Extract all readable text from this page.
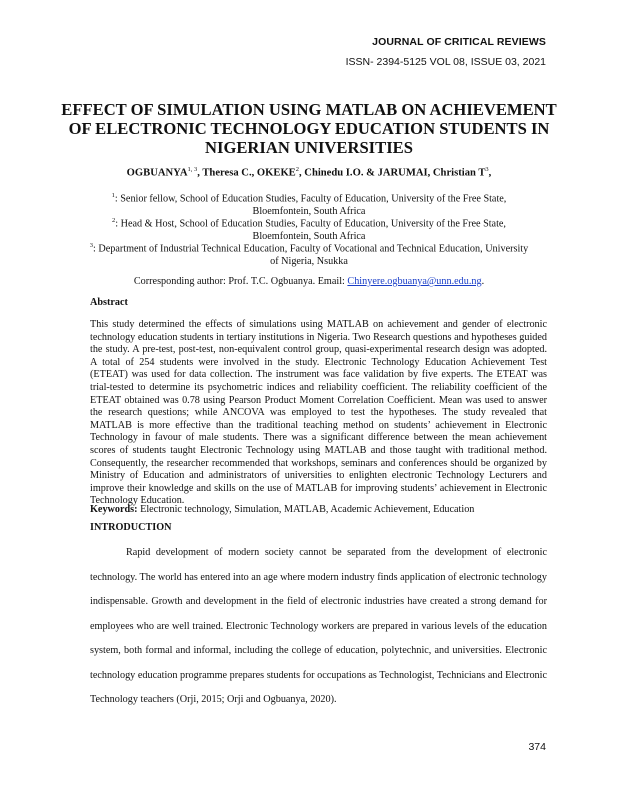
JOURNAL OF CRITICAL REVIEWS
ISSN- 2394-5125 VOL 08, ISSUE 03, 2021
EFFECT OF SIMULATION USING MATLAB ON ACHIEVEMENT OF ELECTRONIC TECHNOLOGY EDUCATION STUDENTS IN NIGERIAN UNIVERSITIES
OGBUANYA$^{1, 3}$, Theresa C., OKEKE$^2$, Chinedu I.O. & JARUMAI, Christian $T^3$,
$^1$: Senior fellow, School of Education Studies, Faculty of Education, University of the Free State, Bloemfontein, South Africa
$^2$: Head & Host, School of Education Studies, Faculty of Education, University of the Free State, Bloemfontein, South Africa
$^3$: Department of Industrial Technical Education, Faculty of Vocational and Technical Education, University of Nigeria, Nsukka
Corresponding author: Prof. T.C. Ogbuanya. Email: Chinyere.ogbuanya@unn.edu.ng.
Abstract
This study determined the effects of simulations using MATLAB on achievement and gender of electronic technology education students in tertiary institutions in Nigeria. Two Research questions and hypotheses guided the study. A pre-test, post-test, non-equivalent control group, quasi-experimental research design was adopted. A total of 254 students were involved in the study. Electronic Technology Education Achievement Test (ETEAT) was used for data collection. The instrument was face validation by five experts. The ETEAT was trial-tested to determine its psychometric indices and reliability coefficient. The reliability coefficient of the ETEAT obtained was 0.78 using Pearson Product Moment Correlation Coefficient. Mean was used to answer the research questions; while ANCOVA was employed to test the hypotheses. The study revealed that MATLAB is more effective than the traditional teaching method on students’ achievement in Electronic Technology in favour of male students. There was a significant difference between the mean achievement scores of students taught Electronic Technology using MATLAB and those taught with traditional method. Consequently, the researcher recommended that workshops, seminars and conferences should be organized by Ministry of Education and administrators of universities to enlighten electronic Technology Lecturers and improve their knowledge and skills on the use of MATLAB for improving students’ achievement in Electronic Technology Education.
Keywords: Electronic technology, Simulation, MATLAB, Academic Achievement, Education
INTRODUCTION
Rapid development of modern society cannot be separated from the development of electronic technology. The world has entered into an age where modern industry finds application of electronic technology indispensable. Growth and development in the field of electronic industries have created a strong demand for employees who are well trained. Electronic Technology workers are prepared in various levels of the education system, both formal and informal, including the college of education, polytechnic, and universities. Electronic technology education programme prepares students for occupations as Technologist, Technicians and Electronic Technology teachers (Orji, 2015; Orji and Ogbuanya, 2020).
374
